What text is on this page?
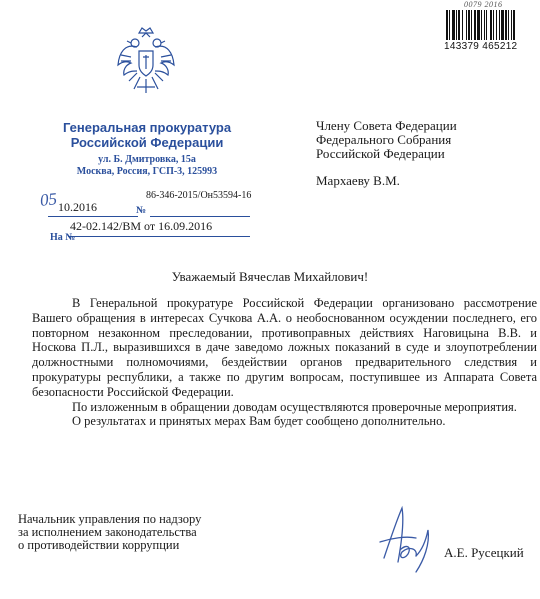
0079 2016
143379 465212
Генеральная прокуратура
Российской Федерации
ул. Б. Дмитровка, 15а
Москва, Россия, ГСП-3, 125993
86-346-2015/Он53594-16
05 10.2016	№
42-02.142/ВМ от 16.09.2016
На №
Члену Совета Федерации
Федерального Собрания
Российской Федерации
Мархаеву В.М.
Уважаемый Вячеслав Михайлович!

В Генеральной прокуратуре Российской Федерации организовано рассмотрение Вашего обращения в интересах Сучкова А.А. о необоснованном осуждении последнего, его повторном незаконном преследовании, противоправных действиях Наговицына В.В. и Носкова П.Л., выразившихся в даче заведомо ложных показаний в суде и злоупотреблении должностными полномочиями, бездействии органов предварительного следствия и прокуратуры республики, а также по другим вопросам, поступившее из Аппарата Совета безопасности Российской Федерации.

По изложенным в обращении доводам осуществляются проверочные мероприятия.

О результатах и принятых мерах Вам будет сообщено дополнительно.

Начальник управления по надзору
за исполнением законодательства
о противодействии коррупции	А.Е. Русецкий
